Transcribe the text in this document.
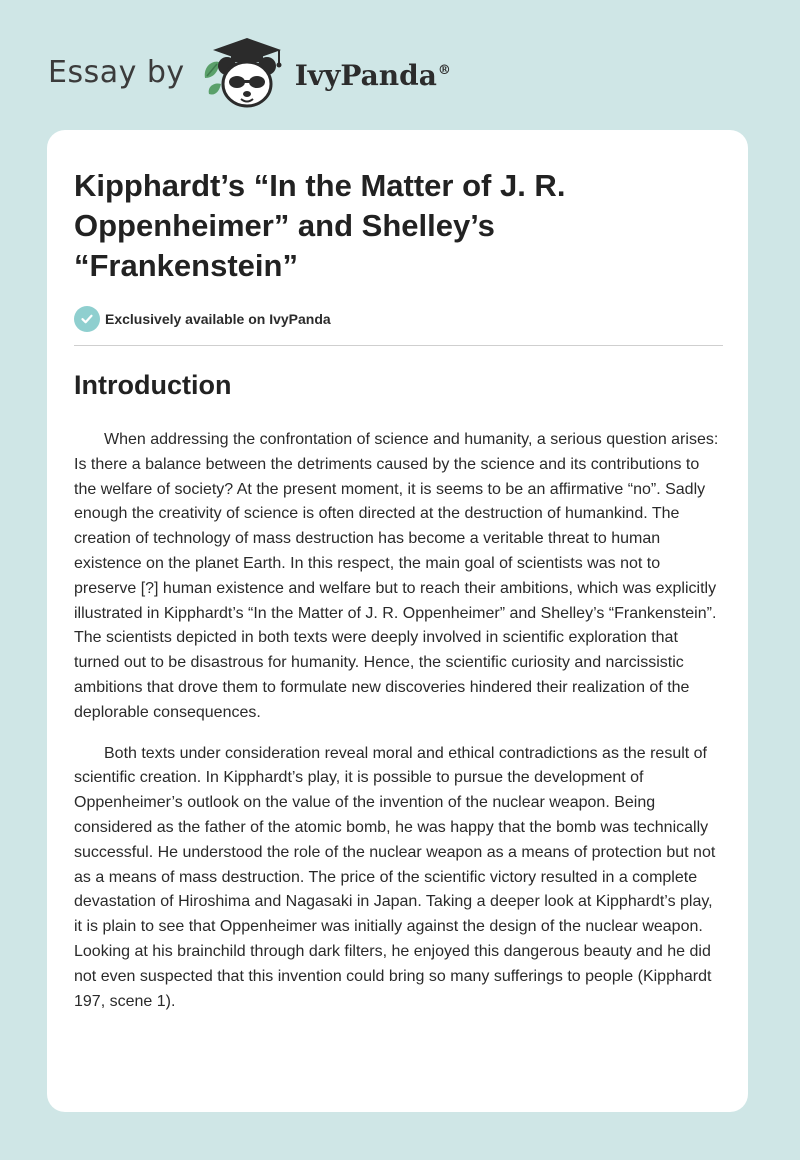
Essay by	IvyPanda®
Kipphardt’s “In the Matter of J. R. Oppenheimer” and Shelley’s “Frankenstein”
Exclusively available on IvyPanda
Introduction

When addressing the confrontation of science and humanity, a serious question arises: Is there a balance between the detriments caused by the science and its contributions to the welfare of society? At the present moment, it is seems to be an affirmative “no”. Sadly enough the creativity of science is often directed at the destruction of humankind. The creation of technology of mass destruction has become a veritable threat to human existence on the planet Earth. In this respect, the main goal of scientists was not to preserve [?] human existence and welfare but to reach their ambitions, which was explicitly illustrated in Kipphardt’s “In the Matter of J. R. Oppenheimer” and Shelley’s “Frankenstein”. The scientists depicted in both texts were deeply involved in scientific exploration that turned out to be disastrous for humanity. Hence, the scientific curiosity and narcissistic ambitions that drove them to formulate new discoveries hindered their realization of the deplorable consequences.

Both texts under consideration reveal moral and ethical contradictions as the result of scientific creation. In Kipphardt’s play, it is possible to pursue the development of Oppenheimer’s outlook on the value of the invention of the nuclear weapon. Being considered as the father of the atomic bomb, he was happy that the bomb was technically successful. He understood the role of the nuclear weapon as a means of protection but not as a means of mass destruction. The price of the scientific victory resulted in a complete devastation of Hiroshima and Nagasaki in Japan. Taking a deeper look at Kipphardt’s play, it is plain to see that Oppenheimer was initially against the design of the nuclear weapon. Looking at his brainchild through dark filters, he enjoyed this dangerous beauty and he did not even suspected that this invention could bring so many sufferings to people (Kipphardt 197, scene 1).
